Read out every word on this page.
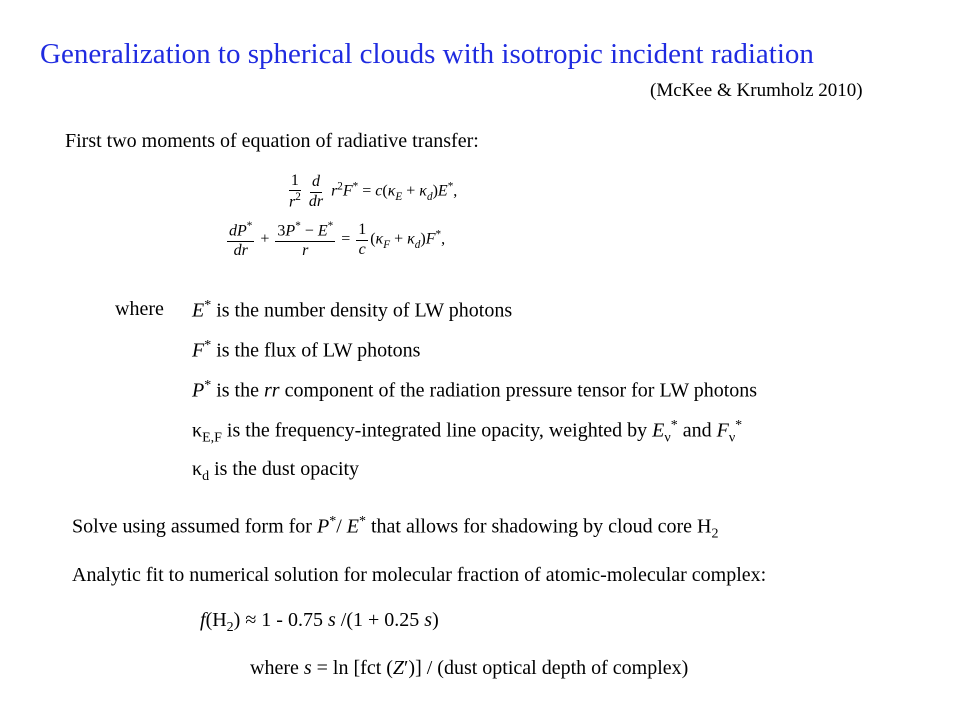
Generalization to spherical clouds with isotropic incident radiation
(McKee & Krumholz 2010)
First two moments of equation of radiative transfer:
$\frac{1}{r^2} \frac{d}{dr} r^2F^* = c(\kappa_E + \kappa_d)E^*$,
$\frac{dP^*}{dr} + \frac{3P^* - E^*}{r} = \frac{1}{c} (\kappa_F + \kappa_d)F^*$,
where E* is the number density of LW photons
F* is the flux of LW photons
P* is the rr component of the radiation pressure tensor for LW photons
$\kappa_{E,F}$ is the frequency-integrated line opacity, weighted by $E_\nu^*$ and $F_\nu^*$
$\kappa_d$ is the dust opacity
Solve using assumed form for P*/ E* that allows for shadowing by cloud core $H_2$
Analytic fit to numerical solution for molecular fraction of atomic-molecular complex:
$f(H_2) \approx 1 - 0.75$ s /(1 + 0.25 s)
where s = ln [fct (Z′)] / (dust optical depth of complex)
